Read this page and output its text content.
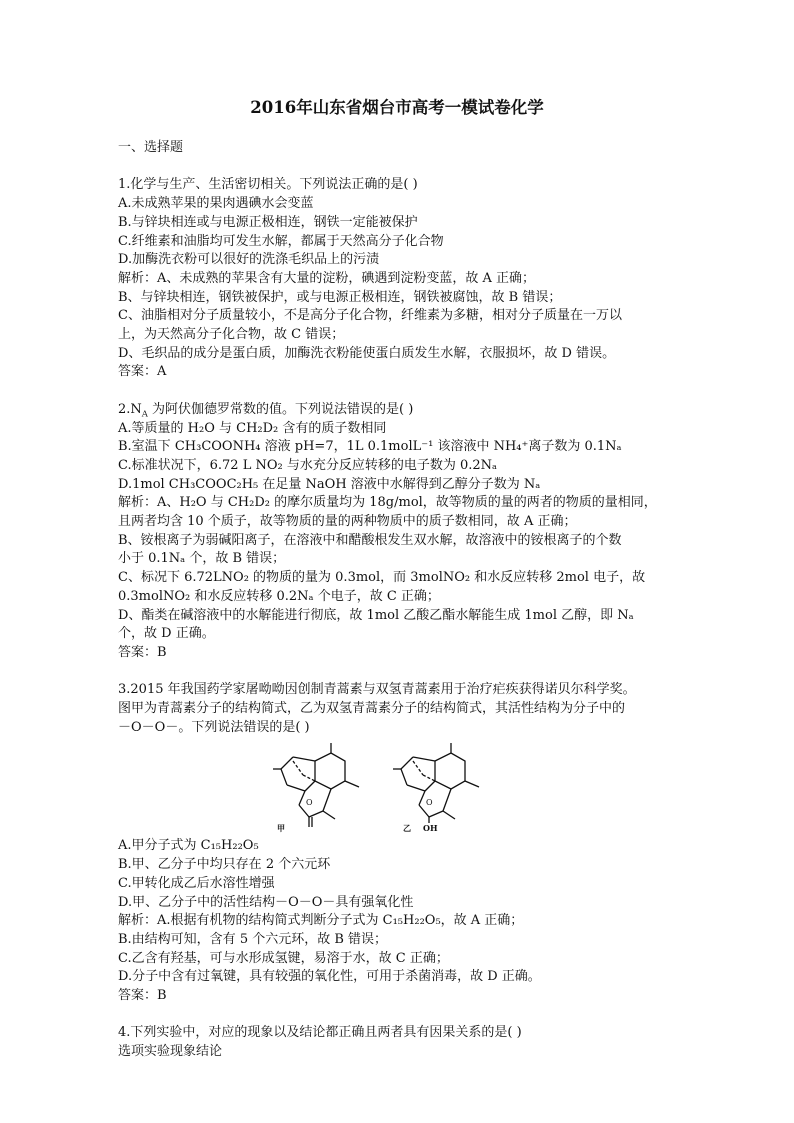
2016年山东省烟台市高考一模试卷化学

一、选择题

1.化学与生产、生活密切相关。下列说法正确的是( )

A.未成熟苹果的果肉遇碘水会变蓝

B.与锌块相连或与电源正极相连，钢铁一定能被保护

C.纤维素和油脂均可发生水解，都属于天然高分子化合物

D.加酶洗衣粉可以很好的洗涤毛织品上的污渍

解析：A、未成熟的苹果含有大量的淀粉，碘遇到淀粉变蓝，故 A 正确；

B、与锌块相连，钢铁被保护，或与电源正极相连，钢铁被腐蚀，故 B 错误；

C、油脂相对分子质量较小，不是高分子化合物，纤维素为多糖，相对分子质量在一万以

上，为天然高分子化合物，故 C 错误；

D、毛织品的成分是蛋白质，加酶洗衣粉能使蛋白质发生水解，衣服损坏，故 D 错误。

答案：A

$2.N_A$ 为阿伏伽德罗常数的值。下列说法错误的是( )

A.等质量的 H₂O 与 CH₂D₂ 含有的质子数相同

B.室温下 CH₃COONH₄ 溶液 pH=7，1L 0.1molL⁻¹ 该溶液中 NH₄⁺离子数为 0.1Nₐ

C.标准状况下，6.72 L NO₂ 与水充分反应转移的电子数为 0.2Nₐ

D.1mol CH₃COOC₂H₅ 在足量 NaOH 溶液中水解得到乙醇分子数为 Nₐ

解析：A、H₂O 与 CH₂D₂ 的摩尔质量均为 18g/mol，故等物质的量的两者的物质的量相同，

且两者均含 10 个质子，故等物质的量的两种物质中的质子数相同，故 A 正确；

B、铵根离子为弱碱阳离子，在溶液中和醋酸根发生双水解，故溶液中的铵根离子的个数

小于 0.1Nₐ 个，故 B 错误；

C、标况下 6.72LNO₂ 的物质的量为 0.3mol，而 3molNO₂ 和水反应转移 2mol 电子，故

0.3molNO₂ 和水反应转移 0.2Nₐ 个电子，故 C 正确；

D、酯类在碱溶液中的水解能进行彻底，故 1mol 乙酸乙酯水解能生成 1mol 乙醇，即 Nₐ

个，故 D 正确。

答案：B

3.2015 年我国药学家屠呦呦因创制青蒿素与双氢青蒿素用于治疗疟疾获得诺贝尔科学奖。

图甲为青蒿素分子的结构简式，乙为双氢青蒿素分子的结构简式，其活性结构为分子中的

－O－O－。下列说法错误的是( )

O	O
甲	乙 OH

A.甲分子式为 C₁₅H₂₂O₅

B.甲、乙分子中均只存在 2 个六元环

C.甲转化成乙后水溶性增强

D.甲、乙分子中的活性结构－O－O－具有强氧化性

解析：A.根据有机物的结构简式判断分子式为 C₁₅H₂₂O₅，故 A 正确；

B.由结构可知，含有 5 个六元环，故 B 错误；

C.乙含有羟基，可与水形成氢键，易溶于水，故 C 正确；

D.分子中含有过氧键，具有较强的氧化性，可用于杀菌消毒，故 D 正确。

答案：B

4.下列实验中，对应的现象以及结论都正确且两者具有因果关系的是( )

选项实验现象结论
